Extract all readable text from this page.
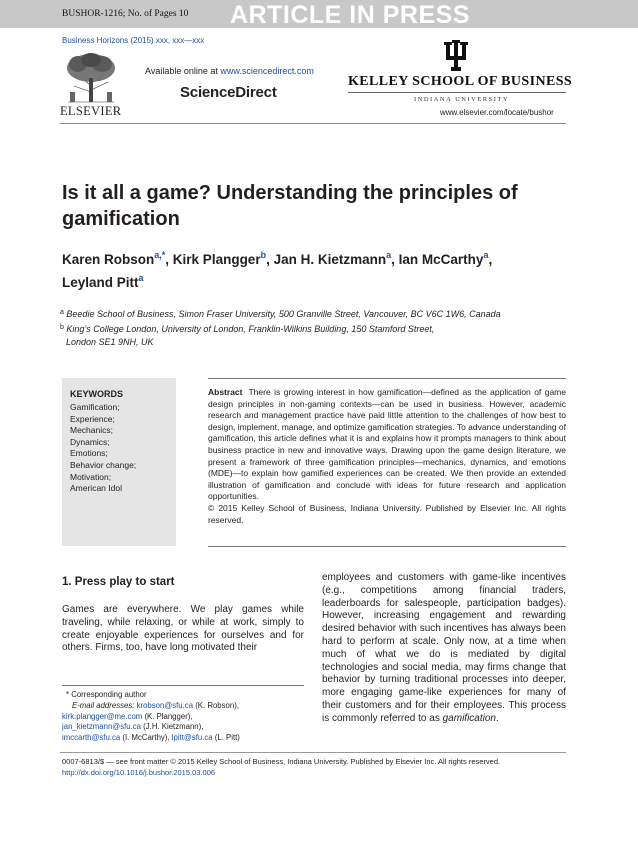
BUSHOR-1216; No. of Pages 10 ARTICLE IN PRESS
Business Horizons (2015) xxx, xxx—xxx
ELSEVIER
Available online at www.sciencedirect.com
ScienceDirect
KELLEY SCHOOL OF BUSINESS
INDIANA UNIVERSITY
www.elsevier.com/locate/bushor
Is it all a game? Understanding the principles of gamification
Karen Robson$^{a,*}$, Kirk Plangger$^b$, Jan H. Kietzmann$^a$, Ian McCarthy$^a$,
Leyland Pitt$^a$
$^a$ Beedie School of Business, Simon Fraser University, 500 Granville Street, Vancouver, BC V6C 1W6, Canada
$^b$ King’s College London, University of London, Franklin-Wilkins Building, 150 Stamford Street,
London SE1 9NH, UK
KEYWORDS
Gamification;
Experience;
Mechanics;
Dynamics;
Emotions;
Behavior change;
Motivation;
American Idol

Abstract There is growing interest in how gamification—defined as the application of game design principles in non-gaming contexts—can be used in business. However, academic research and management practice have paid little attention to the challenges of how best to design, implement, manage, and optimize gamification strategies. To advance understanding of gamification, this article defines what it is and explains how it prompts managers to think about business practice in new and innovative ways. Drawing upon the game design literature, we present a framework of three gamification principles—mechanics, dynamics, and emotions (MDE)—to explain how gamified experiences can be created. We then provide an extended illustration of gamification and conclude with ideas for future research and application opportunities.

© 2015 Kelley School of Business, Indiana University. Published by Elsevier Inc. All rights reserved.

1. Press play to start
Games are everywhere. We play games while traveling, while relaxing, or while at work, simply to create enjoyable experiences for ourselves and for others. Firms, too, have long motivated their
employees and customers with game-like incentives (e.g., competitions among financial traders, leaderboards for salespeople, participation badges). However, increasing engagement and rewarding desired behavior with such incentives has always been hard to perform at scale. Only now, at a time when much of what we do is mediated by digital technologies and social media, may firms change that behavior by turning traditional processes into deeper, more engaging game-like experiences for many of their customers and for their employees. This process is commonly referred to as gamification.
* Corresponding author
E-mail addresses: krobson@sfu.ca (K. Robson),
kirk.plangger@me.com (K. Plangger),
jan_kietzmann@sfu.ca (J.H. Kietzmann),
imccarth@sfu.ca (I. McCarthy), lpitt@sfu.ca (L. Pitt)
0007-6813/$ — see front matter © 2015 Kelley School of Business, Indiana University. Published by Elsevier Inc. All rights reserved.
http://dx.doi.org/10.1016/j.bushor.2015.03.006
